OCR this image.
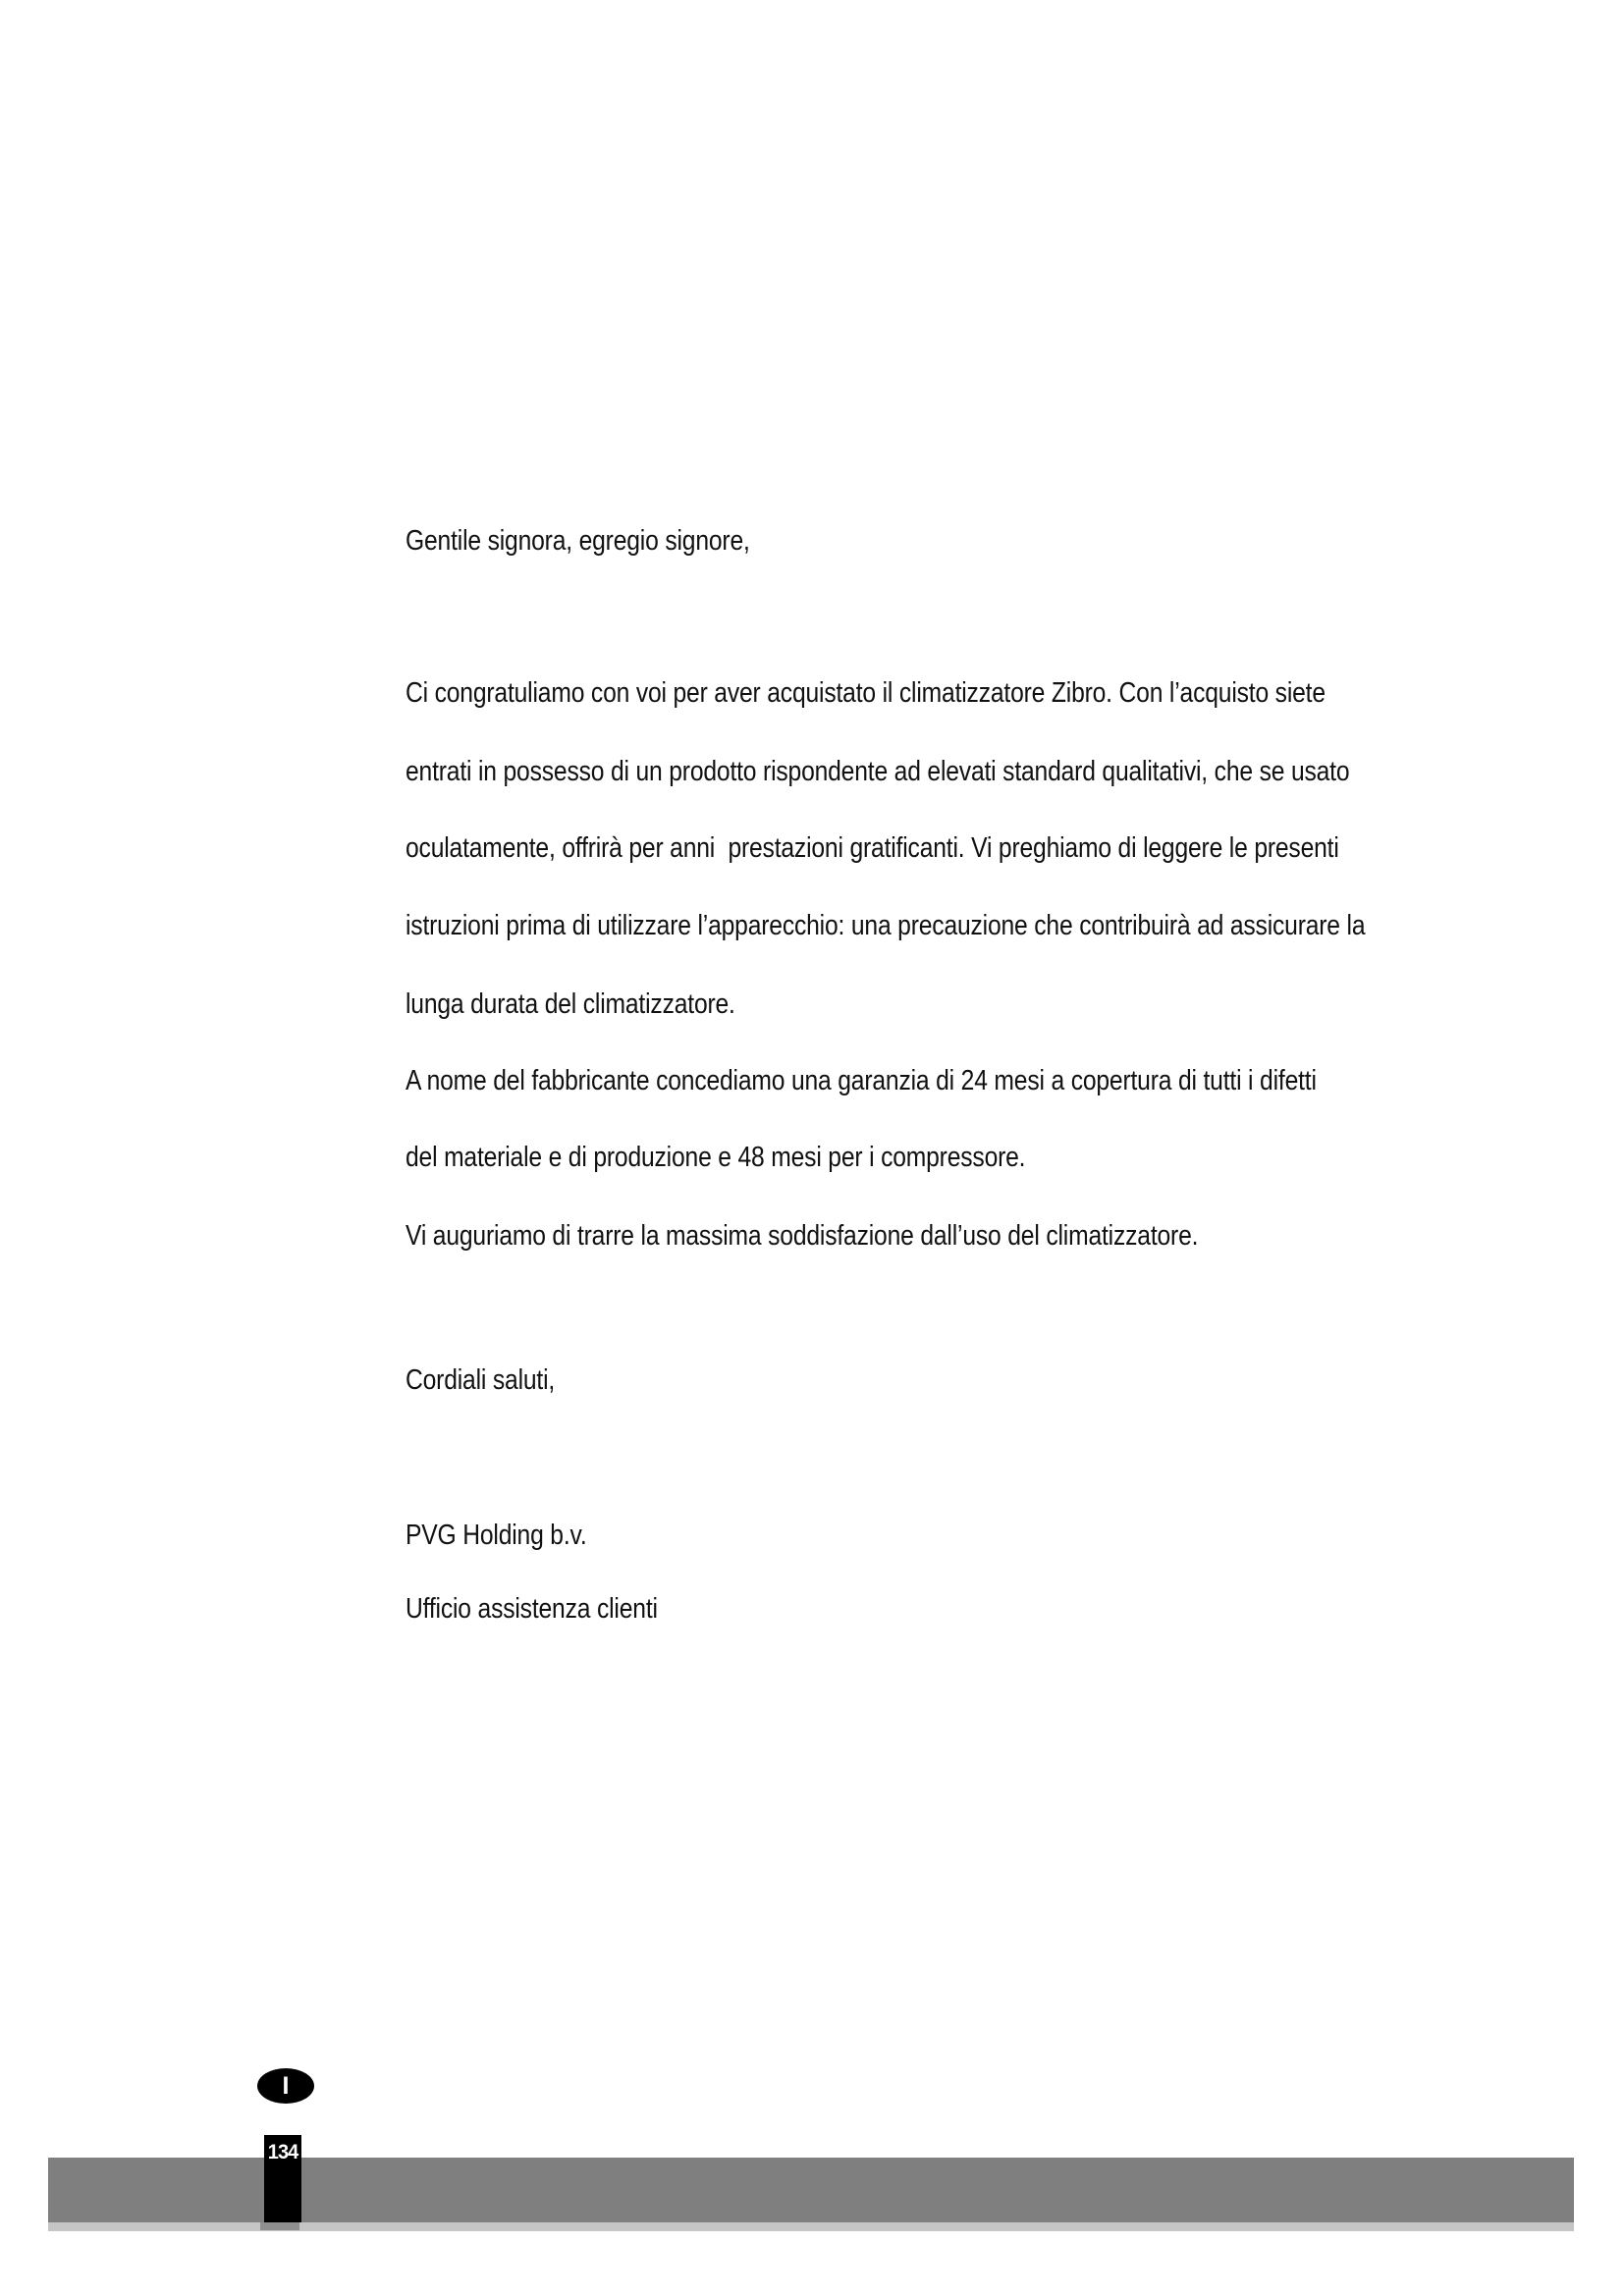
Gentile signora, egregio signore,
Ci congratuliamo con voi per aver acquistato il climatizzatore Zibro. Con l’acquisto siete
entrati in possesso di un prodotto rispondente ad elevati standard qualitativi, che se usato
oculatamente, offrirà per anni  prestazioni gratificanti. Vi preghiamo di leggere le presenti
istruzioni prima di utilizzare l’apparecchio: una precauzione che contribuirà ad assicurare la
lunga durata del climatizzatore.
A nome del fabbricante concediamo una garanzia di 24 mesi a copertura di tutti i difetti
del materiale e di produzione e 48 mesi per i compressore.
Vi auguriamo di trarre la massima soddisfazione dall’uso del climatizzatore.
Cordiali saluti,
PVG Holding b.v.
Ufficio assistenza clienti
I
134
